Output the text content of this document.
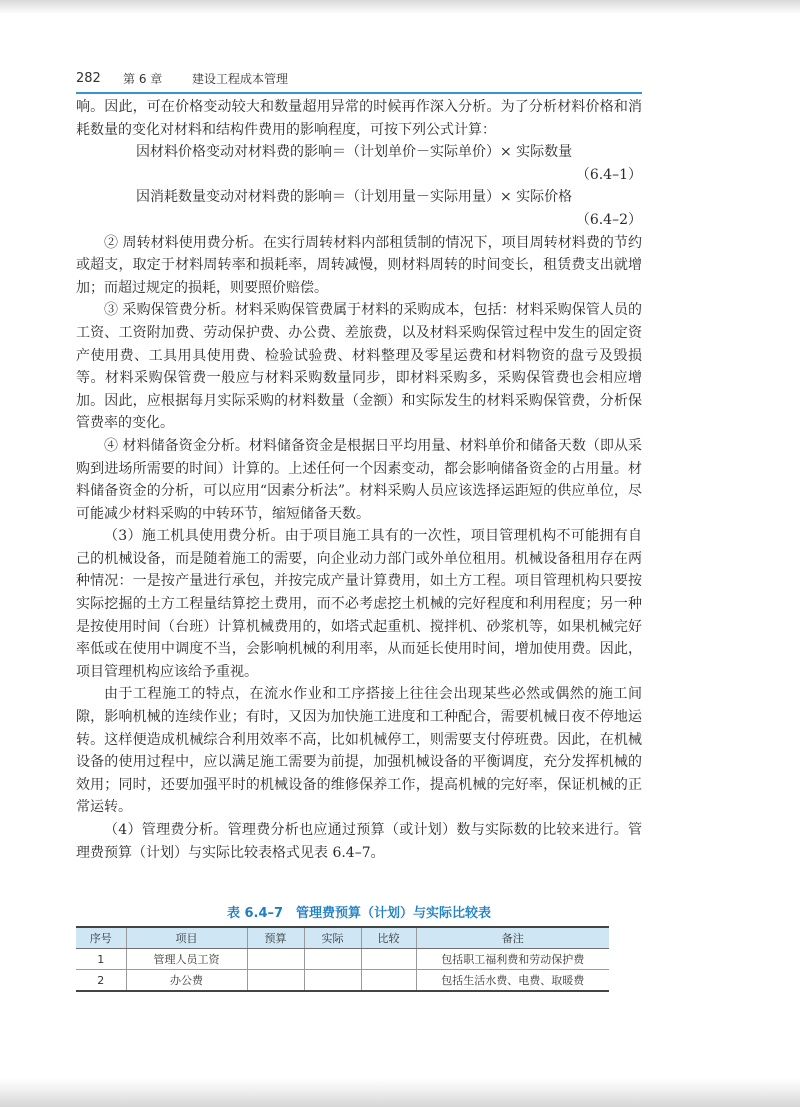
282 第 6 章 建设工程成本管理

响。因此，可在价格变动较大和数量超用异常的时候再作深入分析。为了分析材料价格和消耗数量的变化对材料和结构件费用的影响程度，可按下列公式计算：

因材料价格变动对材料费的影响＝（计划单价－实际单价）× 实际数量

（6.4–1）

因消耗数量变动对材料费的影响＝（计划用量－实际用量）× 实际价格

（6.4–2）

② 周转材料使用费分析。在实行周转材料内部租赁制的情况下，项目周转材料费的节约或超支，取定于材料周转率和损耗率，周转减慢，则材料周转的时间变长，租赁费支出就增加；而超过规定的损耗，则要照价赔偿。

③ 采购保管费分析。材料采购保管费属于材料的采购成本，包括：材料采购保管人员的工资、工资附加费、劳动保护费、办公费、差旅费，以及材料采购保管过程中发生的固定资产使用费、工具用具使用费、检验试验费、材料整理及零星运费和材料物资的盘亏及毁损等。材料采购保管费一般应与材料采购数量同步，即材料采购多，采购保管费也会相应增加。因此，应根据每月实际采购的材料数量（金额）和实际发生的材料采购保管费，分析保管费率的变化。

④ 材料储备资金分析。材料储备资金是根据日平均用量、材料单价和储备天数（即从采购到进场所需要的时间）计算的。上述任何一个因素变动，都会影响储备资金的占用量。材料储备资金的分析，可以应用“因素分析法”。材料采购人员应该选择运距短的供应单位，尽可能减少材料采购的中转环节，缩短储备天数。

（3）施工机具使用费分析。由于项目施工具有的一次性，项目管理机构不可能拥有自己的机械设备，而是随着施工的需要，向企业动力部门或外单位租用。机械设备租用存在两种情况：一是按产量进行承包，并按完成产量计算费用，如土方工程。项目管理机构只要按实际挖掘的土方工程量结算挖土费用，而不必考虑挖土机械的完好程度和利用程度；另一种是按使用时间（台班）计算机械费用的，如塔式起重机、搅拌机、砂浆机等，如果机械完好率低或在使用中调度不当，会影响机械的利用率，从而延长使用时间，增加使用费。因此，项目管理机构应该给予重视。

由于工程施工的特点，在流水作业和工序搭接上往往会出现某些必然或偶然的施工间隙，影响机械的连续作业；有时，又因为加快施工进度和工种配合，需要机械日夜不停地运转。这样便造成机械综合利用效率不高，比如机械停工，则需要支付停班费。因此，在机械设备的使用过程中，应以满足施工需要为前提，加强机械设备的平衡调度，充分发挥机械的效用；同时，还要加强平时的机械设备的维修保养工作，提高机械的完好率，保证机械的正常运转。

（4）管理费分析。管理费分析也应通过预算（或计划）数与实际数的比较来进行。管理费预算（计划）与实际比较表格式见表 6.4–7。

表 6.4–7　管理费预算（计划）与实际比较表
序号	项目	预算	实际	比较	备注
1	管理人员工资				包括职工福利费和劳动保护费
2	办公费				包括生活水费、电费、取暖费
